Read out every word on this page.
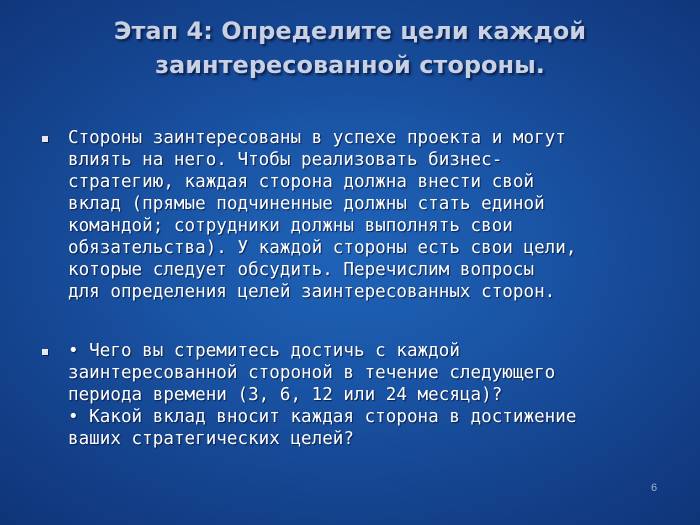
Этап 4: Определите цели каждой
заинтересованной стороны.
Стороны заинтересованы в успехе проекта и могут
влиять на него. Чтобы реализовать бизнес-
стратегию, каждая сторона должна внести свой
вклад (прямые подчиненные должны стать единой
командой; сотрудники должны выполнять свои
обязательства). У каждой стороны есть свои цели,
которые следует обсудить. Перечислим вопросы
для определения целей заинтересованных сторон.
• Чего вы стремитесь достичь с каждой
заинтересованной стороной в течение следующего
периода времени (3, 6, 12 или 24 месяца)?
• Какой вклад вносит каждая сторона в достижение
ваших стратегических целей?
6
